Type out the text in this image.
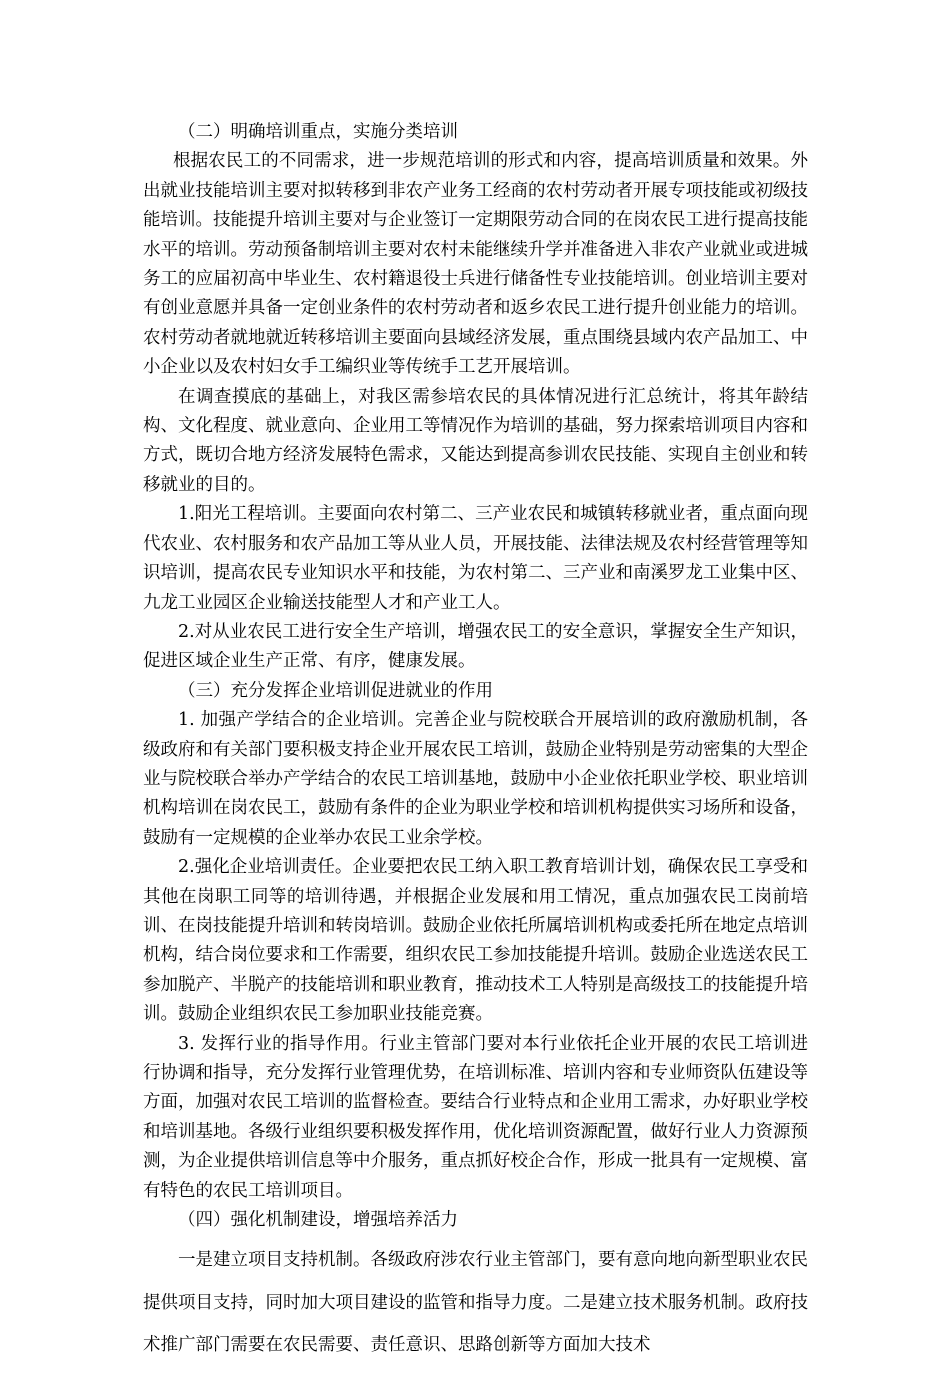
（二）明确培训重点，实施分类培训

根据农民工的不同需求，进一步规范培训的形式和内容，提高培训质量和效果。外出就业技能培训主要对拟转移到非农产业务工经商的农村劳动者开展专项技能或初级技能培训。技能提升培训主要对与企业签订一定期限劳动合同的在岗农民工进行提高技能水平的培训。劳动预备制培训主要对农村未能继续升学并准备进入非农产业就业或进城务工的应届初高中毕业生、农村籍退役士兵进行储备性专业技能培训。创业培训主要对有创业意愿并具备一定创业条件的农村劳动者和返乡农民工进行提升创业能力的培训。农村劳动者就地就近转移培训主要面向县域经济发展，重点围绕县域内农产品加工、中小企业以及农村妇女手工编织业等传统手工艺开展培训。

在调查摸底的基础上，对我区需参培农民的具体情况进行汇总统计，将其年龄结构、文化程度、就业意向、企业用工等情况作为培训的基础，努力探索培训项目内容和方式，既切合地方经济发展特色需求，又能达到提高参训农民技能、实现自主创业和转移就业的目的。

1.阳光工程培训。主要面向农村第二、三产业农民和城镇转移就业者，重点面向现代农业、农村服务和农产品加工等从业人员，开展技能、法律法规及农村经营管理等知识培训，提高农民专业知识水平和技能，为农村第二、三产业和南溪罗龙工业集中区、九龙工业园区企业输送技能型人才和产业工人。

2.对从业农民工进行安全生产培训，增强农民工的安全意识，掌握安全生产知识，促进区域企业生产正常、有序，健康发展。

（三）充分发挥企业培训促进就业的作用

1. 加强产学结合的企业培训。完善企业与院校联合开展培训的政府激励机制，各级政府和有关部门要积极支持企业开展农民工培训，鼓励企业特别是劳动密集的大型企业与院校联合举办产学结合的农民工培训基地，鼓励中小企业依托职业学校、职业培训机构培训在岗农民工，鼓励有条件的企业为职业学校和培训机构提供实习场所和设备，鼓励有一定规模的企业举办农民工业余学校。

2.强化企业培训责任。企业要把农民工纳入职工教育培训计划，确保农民工享受和其他在岗职工同等的培训待遇，并根据企业发展和用工情况，重点加强农民工岗前培训、在岗技能提升培训和转岗培训。鼓励企业依托所属培训机构或委托所在地定点培训机构，结合岗位要求和工作需要，组织农民工参加技能提升培训。鼓励企业选送农民工参加脱产、半脱产的技能培训和职业教育，推动技术工人特别是高级技工的技能提升培训。鼓励企业组织农民工参加职业技能竞赛。

3. 发挥行业的指导作用。行业主管部门要对本行业依托企业开展的农民工培训进行协调和指导，充分发挥行业管理优势，在培训标准、培训内容和专业师资队伍建设等方面，加强对农民工培训的监督检查。要结合行业特点和企业用工需求，办好职业学校和培训基地。各级行业组织要积极发挥作用，优化培训资源配置，做好行业人力资源预测，为企业提供培训信息等中介服务，重点抓好校企合作，形成一批具有一定规模、富有特色的农民工培训项目。

（四）强化机制建设，增强培养活力

一是建立项目支持机制。各级政府涉农行业主管部门，要有意向地向新型职业农民提供项目支持，同时加大项目建设的监管和指导力度。二是建立技术服务机制。政府技术推广部门需要在农民需要、责任意识、思路创新等方面加大技术
